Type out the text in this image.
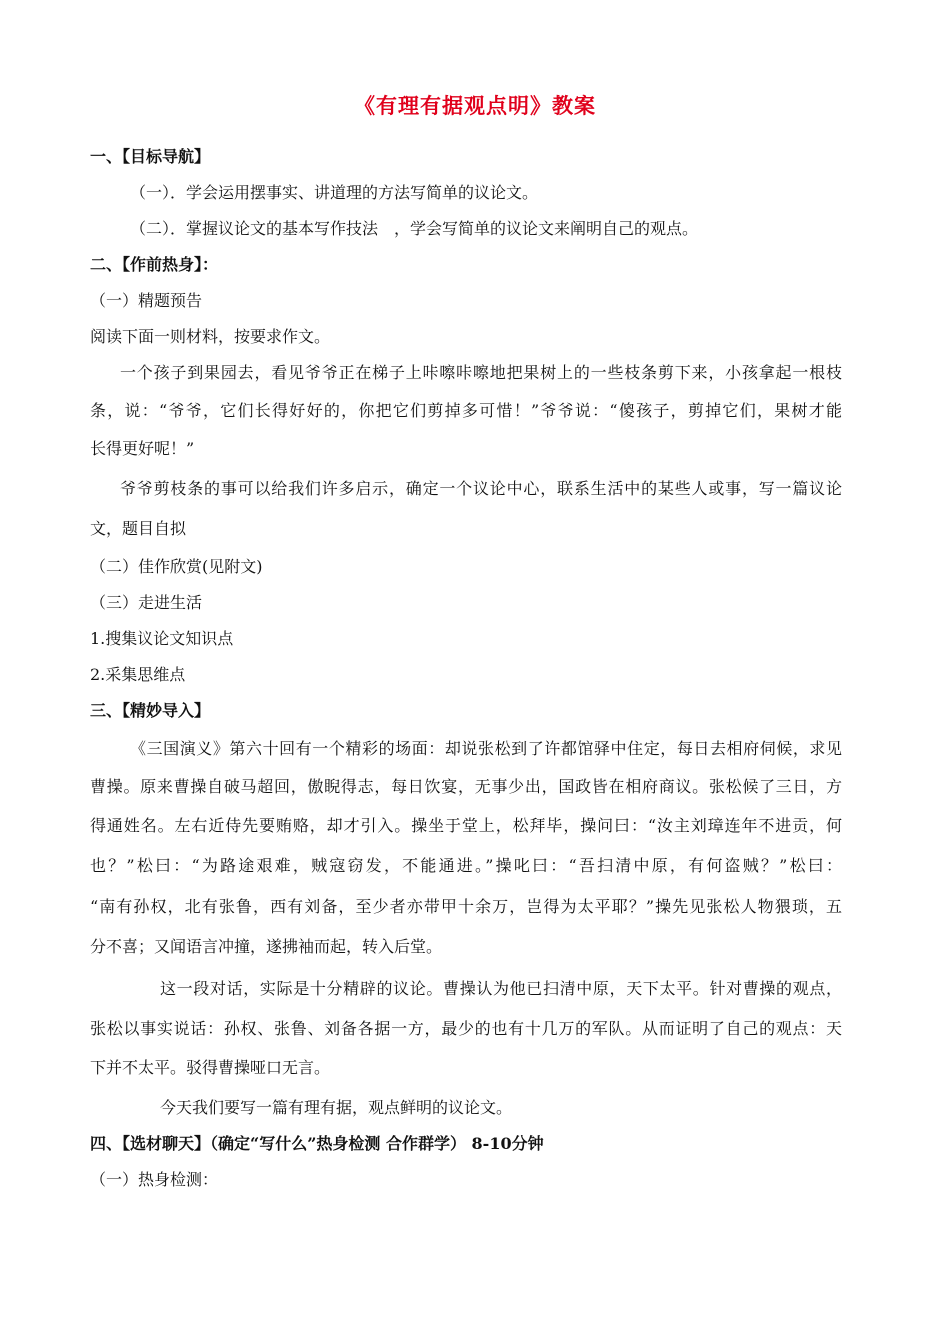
《有理有据观点明》教案
一、【目标导航】
（一）．学会运用摆事实、讲道理的方法写简单的议论文。
（二）．掌握议论文的基本写作技法　，学会写简单的议论文来阐明自己的观点。
二、【作前热身】：
（一）精题预告
阅读下面一则材料，按要求作文。
一个孩子到果园去，看见爷爷正在梯子上咔嚓咔嚓地把果树上的一些枝条剪下来，小孩拿起一根枝
条，说：“爷爷，它们长得好好的，你把它们剪掉多可惜！”爷爷说：“傻孩子，剪掉它们，果树才能
长得更好呢！”
爷爷剪枝条的事可以给我们许多启示，确定一个议论中心，联系生活中的某些人或事，写一篇议论
文，题目自拟
（二）佳作欣赏(见附文)
（三）走进生活
1.搜集议论文知识点
2.采集思维点
三、【精妙导入】
《三国演义》第六十回有一个精彩的场面：却说张松到了许都馆驿中住定，每日去相府伺候，求见
曹操。原来曹操自破马超回，傲睨得志，每日饮宴，无事少出，国政皆在相府商议。张松候了三日，方
得通姓名。左右近侍先要贿赂，却才引入。操坐于堂上，松拜毕，操问曰：“汝主刘璋连年不进贡，何
也？”松曰：“为路途艰难，贼寇窃发，不能通进。”操叱曰：“吾扫清中原，有何盗贼？”松曰：
“南有孙权，北有张鲁，西有刘备，至少者亦带甲十余万，岂得为太平耶？”操先见张松人物猥琐，五
分不喜；又闻语言冲撞，遂拂袖而起，转入后堂。
这一段对话，实际是十分精辟的议论。曹操认为他已扫清中原，天下太平。针对曹操的观点，
张松以事实说话：孙权、张鲁、刘备各据一方，最少的也有十几万的军队。从而证明了自己的观点：天
下并不太平。驳得曹操哑口无言。
今天我们要写一篇有理有据，观点鲜明的议论文。
四、【选材聊天】（确定“写什么”热身检测 合作群学） 8-10分钟
（一）热身检测：
